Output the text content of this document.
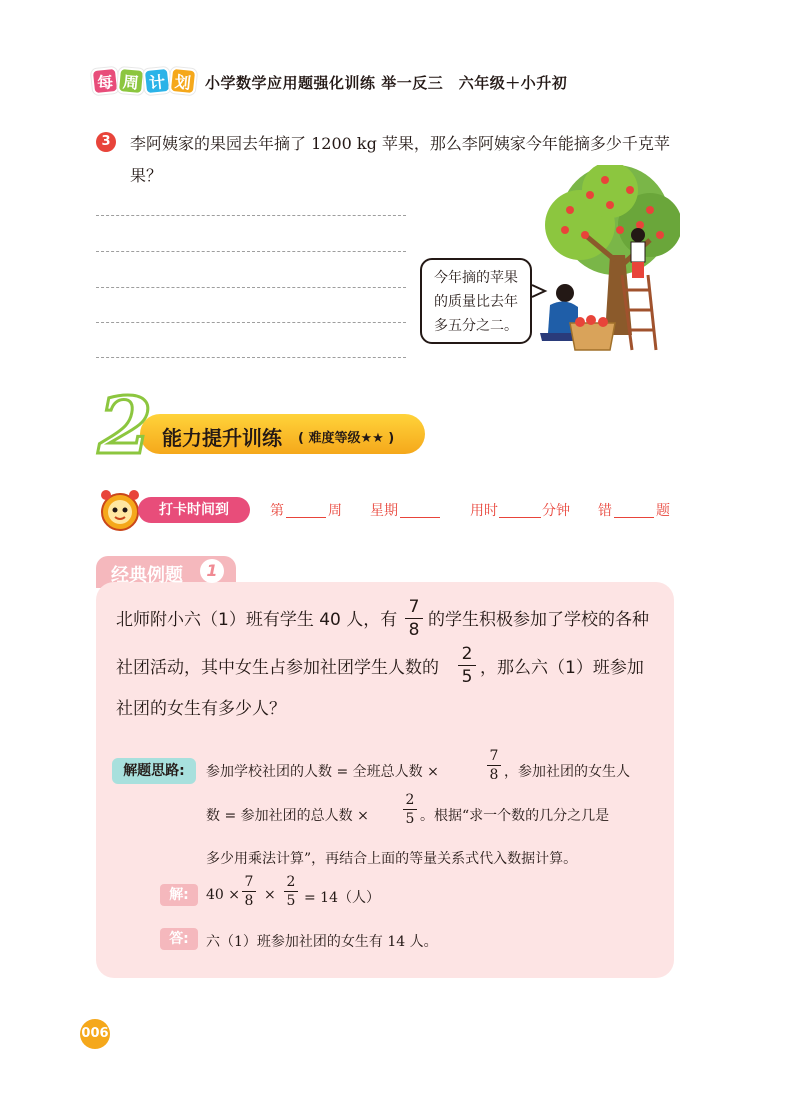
每 周 计 划 小学数学应用题强化训练 举一反三　六年级＋小升初
3	李阿姨家的果园去年摘了 1200 kg 苹果，那么李阿姨家今年能摘多少千克苹果？
今年摘的苹果
的质量比去年
多五分之二。
2 能力提升训练 ( 难度等级★★ )
打卡时间到	第	周 星期	用时	分钟 错	题
经典例题	1
北师附小六（1）班有学生 40 人，有
7
8 的学生积极参加了学校的各种
社团活动，其中女生占参加社团学生人数的
2
5 ，那么六（1）班参加
社团的女生有多少人？
解题思路:	参加学校社团的人数 = 全班总人数 ×
7
8 ，参加社团的女生人
数 = 参加社团的总人数 ×
2
5 。根据“求一个数的几分之几是
多少用乘法计算”，再结合上面的等量关系式代入数据计算。
解:	40 ×
7
8 ×
2
5 = 14（人）
答:	六（1）班参加社团的女生有 14 人。
006
